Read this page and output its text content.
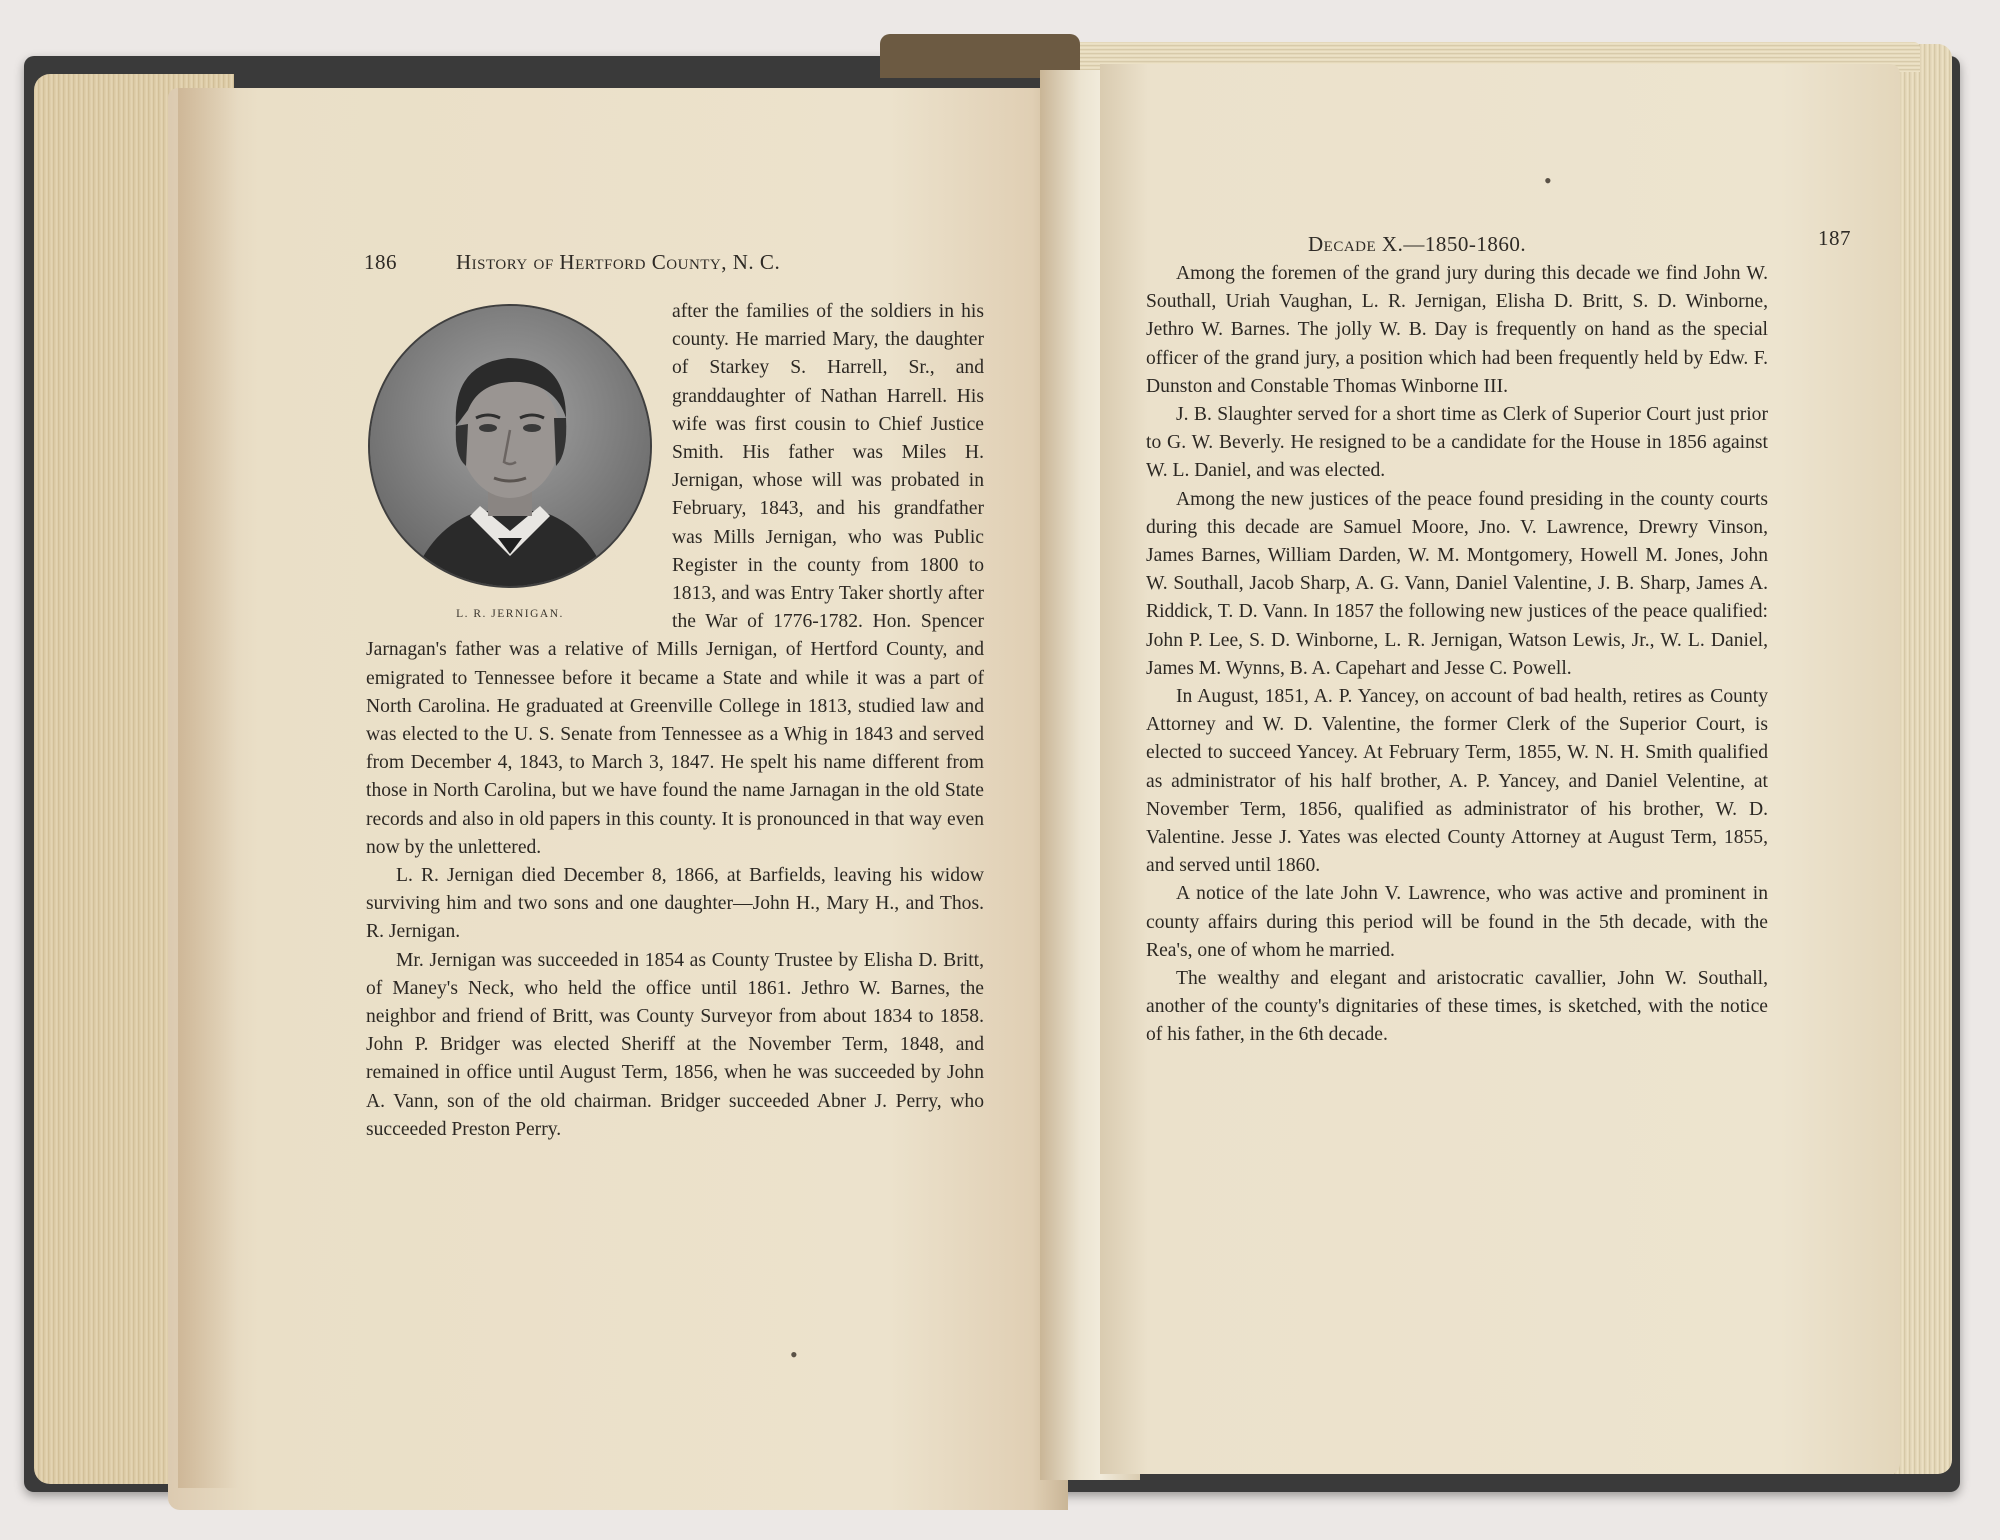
186	History of Hertford County, N. C.
L. R. JERNIGAN.

after the families of the soldiers in his county. He married Mary, the daughter of Starkey S. Harrell, Sr., and granddaughter of Nathan Harrell. His wife was first cousin to Chief Justice Smith. His father was Miles H. Jernigan, whose will was probated in February, 1843, and his grandfather was Mills Jernigan, who was Public Register in the county from 1800 to 1813, and was Entry Taker shortly after the War of 1776-1782. Hon. Spencer Jarnagan's father was a relative of Mills Jernigan, of Hertford County, and emigrated to Tennessee before it became a State and while it was a part of North Carolina. He graduated at Greenville College in 1813, studied law and was elected to the U. S. Senate from Tennessee as a Whig in 1843 and served from December 4, 1843, to March 3, 1847. He spelt his name different from those in North Carolina, but we have found the name Jarnagan in the old State records and also in old papers in this county. It is pronounced in that way even now by the unlettered.

L. R. Jernigan died December 8, 1866, at Barfields, leaving his widow surviving him and two sons and one daughter—John H., Mary H., and Thos. R. Jernigan.

Mr. Jernigan was succeeded in 1854 as County Trustee by Elisha D. Britt, of Maney's Neck, who held the office until 1861. Jethro W. Barnes, the neighbor and friend of Britt, was County Surveyor from about 1834 to 1858. John P. Bridger was elected Sheriff at the November Term, 1848, and remained in office until August Term, 1856, when he was succeeded by John A. Vann, son of the old chairman. Bridger succeeded Abner J. Perry, who succeeded Preston Perry.

•
Decade X.—1850-1860.	187

Among the foremen of the grand jury during this decade we find John W. Southall, Uriah Vaughan, L. R. Jernigan, Elisha D. Britt, S. D. Winborne, Jethro W. Barnes. The jolly W. B. Day is frequently on hand as the special officer of the grand jury, a position which had been frequently held by Edw. F. Dunston and Constable Thomas Winborne III.

J. B. Slaughter served for a short time as Clerk of Superior Court just prior to G. W. Beverly. He resigned to be a candidate for the House in 1856 against W. L. Daniel, and was elected.

Among the new justices of the peace found presiding in the county courts during this decade are Samuel Moore, Jno. V. Lawrence, Drewry Vinson, James Barnes, William Darden, W. M. Montgomery, Howell M. Jones, John W. Southall, Jacob Sharp, A. G. Vann, Daniel Valentine, J. B. Sharp, James A. Riddick, T. D. Vann. In 1857 the following new justices of the peace qualified: John P. Lee, S. D. Winborne, L. R. Jernigan, Watson Lewis, Jr., W. L. Daniel, James M. Wynns, B. A. Capehart and Jesse C. Powell.

In August, 1851, A. P. Yancey, on account of bad health, retires as County Attorney and W. D. Valentine, the former Clerk of the Superior Court, is elected to succeed Yancey. At February Term, 1855, W. N. H. Smith qualified as administrator of his half brother, A. P. Yancey, and Daniel Velentine, at November Term, 1856, qualified as administrator of his brother, W. D. Valentine. Jesse J. Yates was elected County Attorney at August Term, 1855, and served until 1860.

A notice of the late John V. Lawrence, who was active and prominent in county affairs during this period will be found in the 5th decade, with the Rea's, one of whom he married.

The wealthy and elegant and aristocratic cavallier, John W. Southall, another of the county's dignitaries of these times, is sketched, with the notice of his father, in the 6th decade.

•
